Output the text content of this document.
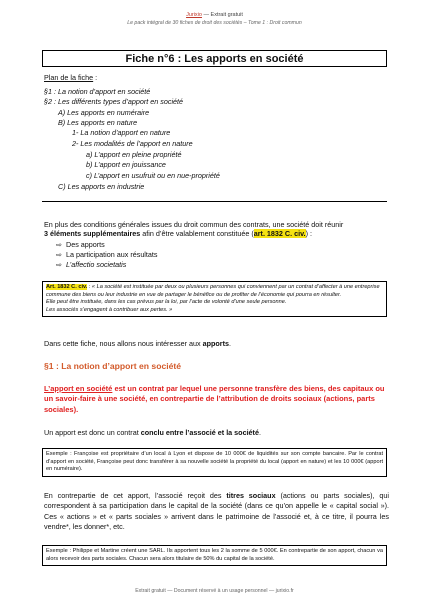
Jurixio — Extrait gratuit
Le pack intégral de 30 fiches de droit des sociétés – Tome 1 : Droit commun
Fiche n°6 : Les apports en société
Plan de la fiche :
§1 : La notion d’apport en société
§2 : Les différents types d’apport en société
A) Les apports en numéraire
B) Les apports en nature
1- La notion d’apport en nature
2- Les modalités de l’apport en nature
a) L’apport en pleine propriété
b) L’apport en jouissance
c) L’apport en usufruit ou en nue-propriété
C) Les apports en industrie
En plus des conditions générales issues du droit commun des contrats, une société doit réunir
3 éléments supplémentaires afin d’être valablement constituée (art. 1832 C. civ.) :
⇨ Des apports
⇨ La participation aux résultats
⇨ L’affectio societatis
Art. 1832 C. civ. : « La société est instituée par deux ou plusieurs personnes qui conviennent par un contrat d’affecter à une entreprise commune des biens ou leur industrie en vue de partager le bénéfice ou de profiter de l’économie qui pourra en résulter.
Elle peut être instituée, dans les cas prévus par la loi, par l’acte de volonté d’une seule personne.
Les associés s’engagent à contribuer aux pertes. »
Dans cette fiche, nous allons nous intéresser aux apports.
§1 : La notion d’apport en société
L’apport en société est un contrat par lequel une personne transfère des biens, des capitaux ou un savoir-faire à une société, en contrepartie de l’attribution de droits sociaux (actions, parts sociales).
Un apport est donc un contrat conclu entre l’associé et la société.
Exemple : Françoise est propriétaire d’un local à Lyon et dispose de 10 000€ de liquidités sur son compte bancaire. Par le contrat d’apport en société, Françoise peut donc transférer à sa nouvelle société la propriété du local (apport en nature) et les 10 000€ (apport en numéraire).
En contrepartie de cet apport, l’associé reçoit des titres sociaux (actions ou parts sociales), qui correspondent à sa participation dans le capital de la société (dans ce qu’on appelle le « capital social »). Ces « actions » et « parts sociales » arrivent dans le patrimoine de l’associé et, à ce titre, il pourra les vendre*, les donner*, etc.
Exemple : Philippe et Martine créent une SARL. Ils apportent tous les 2 la somme de 5 000€. En contrepartie de son apport, chacun va alors recevoir des parts sociales. Chacun sera alors titulaire de 50% du capital de la société.
Extrait gratuit — Document réservé à un usage personnel — jurixio.fr
